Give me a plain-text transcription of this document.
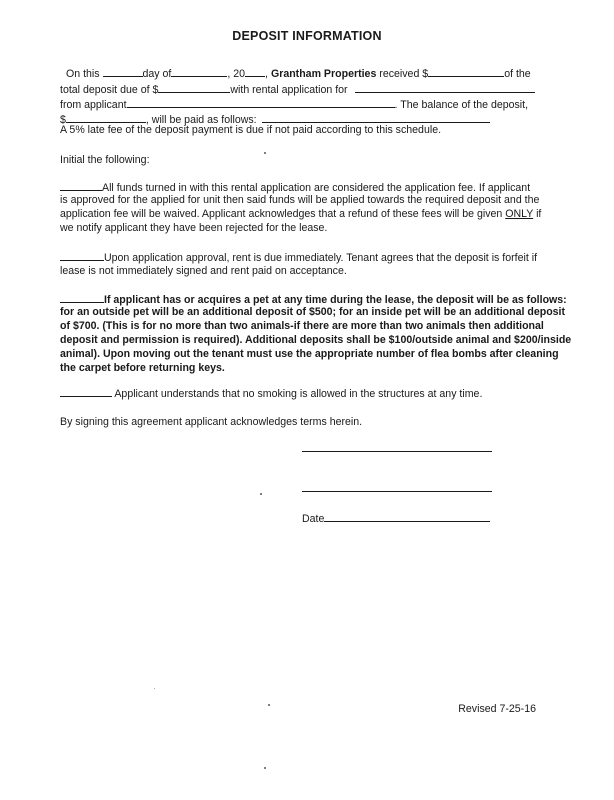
DEPOSIT INFORMATION
On this	day of	, 20 , Grantham Properties received $	of the
total deposit due of $	with rental application for
from applicant	. The balance of the deposit,
$	, will be paid as follows:
A 5% late fee of the deposit payment is due if not paid according to this schedule.
Initial the following:
All funds turned in with this rental application are considered the application fee. If applicant
is approved for the applied for unit then said funds will be applied towards the required deposit and the
application fee will be waived. Applicant acknowledges that a refund of these fees will be given ONLY if
we notify applicant they have been rejected for the lease.
Upon application approval, rent is due immediately. Tenant agrees that the deposit is forfeit if
lease is not immediately signed and rent paid on acceptance.
If applicant has or acquires a pet at any time during the lease, the deposit will be as follows:
for an outside pet will be an additional deposit of $500; for an inside pet will be an additional deposit
of $700. (This is for no more than two animals-if there are more than two animals then additional
deposit and permission is required). Additional deposits shall be $100/outside animal and $200/inside
animal). Upon moving out the tenant must use the appropriate number of flea bombs after cleaning
the carpet before returning keys.
Applicant understands that no smoking is allowed in the structures at any time.
By signing this agreement applicant acknowledges terms herein.
Date
Revised 7-25-16
